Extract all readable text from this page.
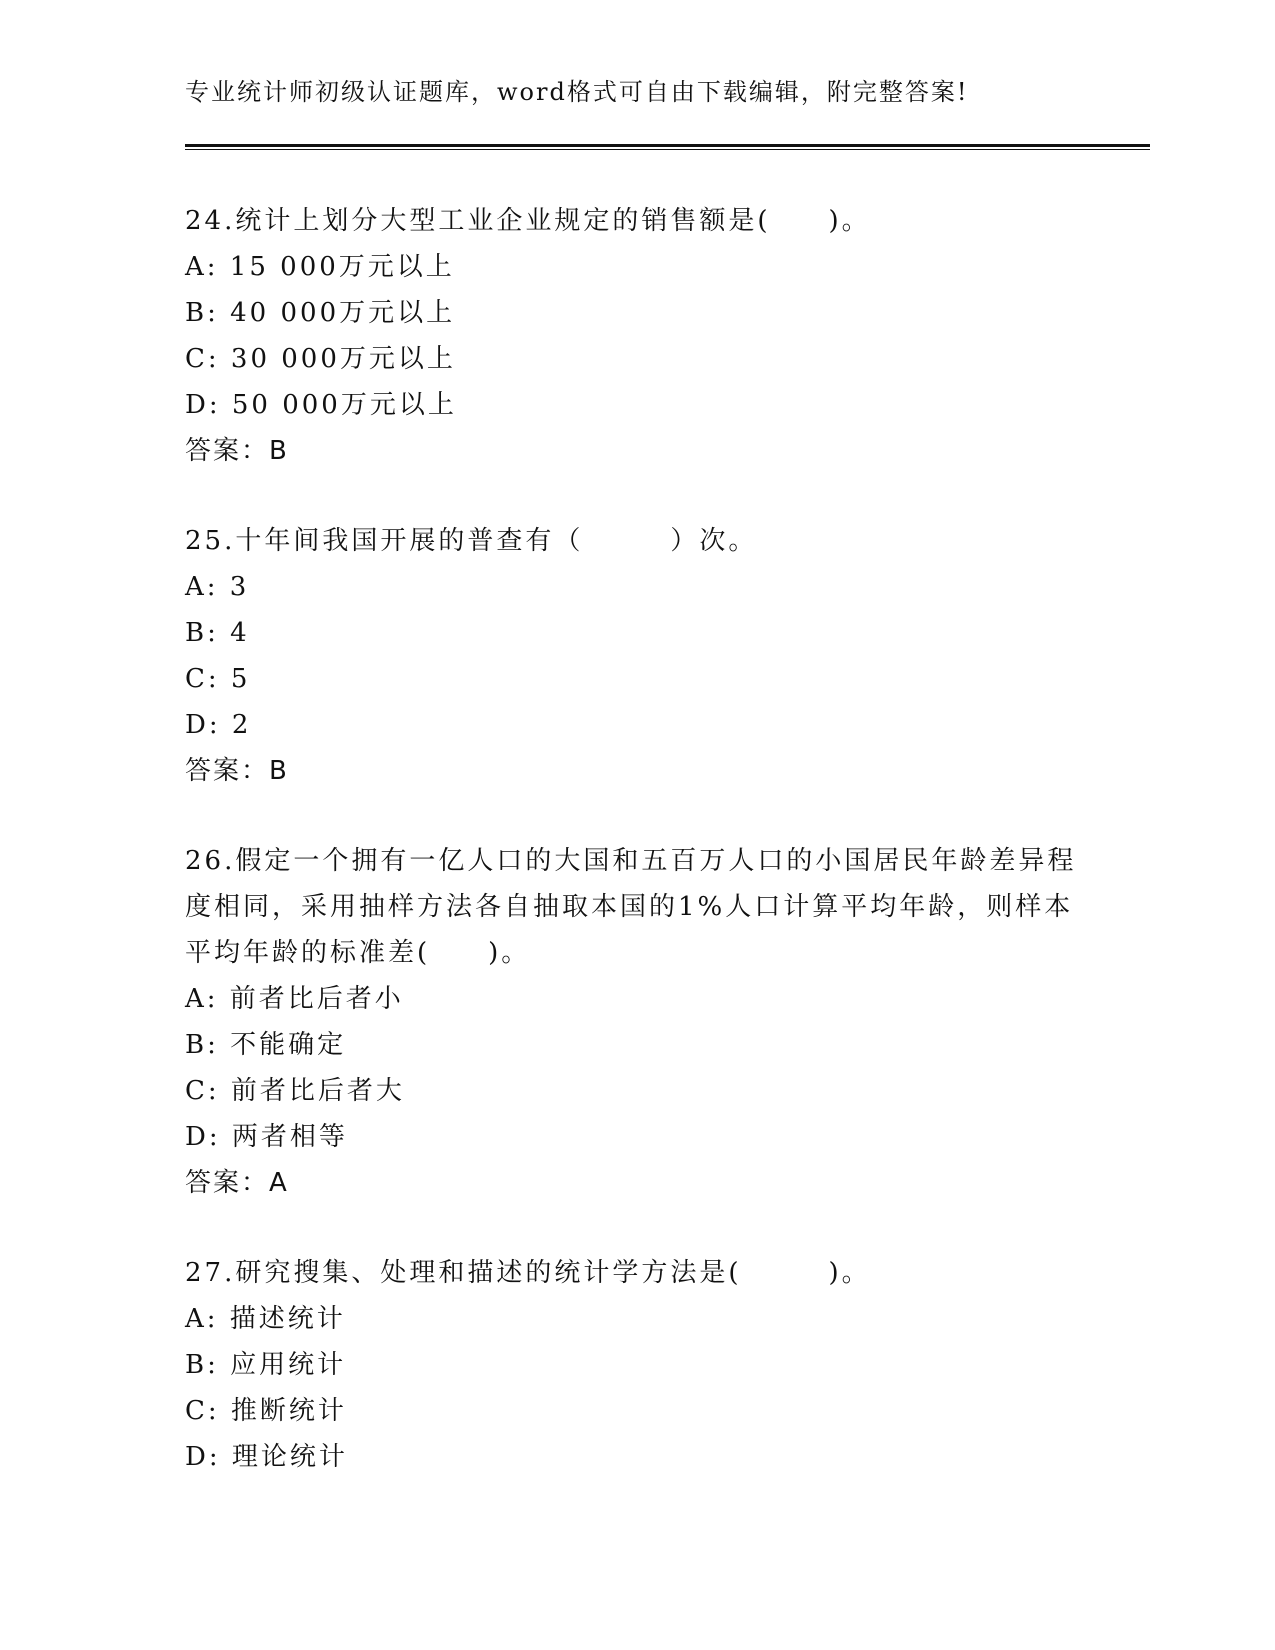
专业统计师初级认证题库，word格式可自由下载编辑，附完整答案!

24.统计上划分大型工业企业规定的销售额是(　　)。

A: 15 000万元以上

B: 40 000万元以上

C: 30 000万元以上

D: 50 000万元以上

答案：B

25.十年间我国开展的普查有（　　　）次。

A: 3

B: 4

C: 5

D: 2

答案：B

26.假定一个拥有一亿人口的大国和五百万人口的小国居民年龄差异程

度相同，采用抽样方法各自抽取本国的1%人口计算平均年龄，则样本

平均年龄的标准差(　　)。

A: 前者比后者小

B: 不能确定

C: 前者比后者大

D: 两者相等

答案：A

27.研究搜集、处理和描述的统计学方法是(　　　)。

A: 描述统计

B: 应用统计

C: 推断统计

D: 理论统计
